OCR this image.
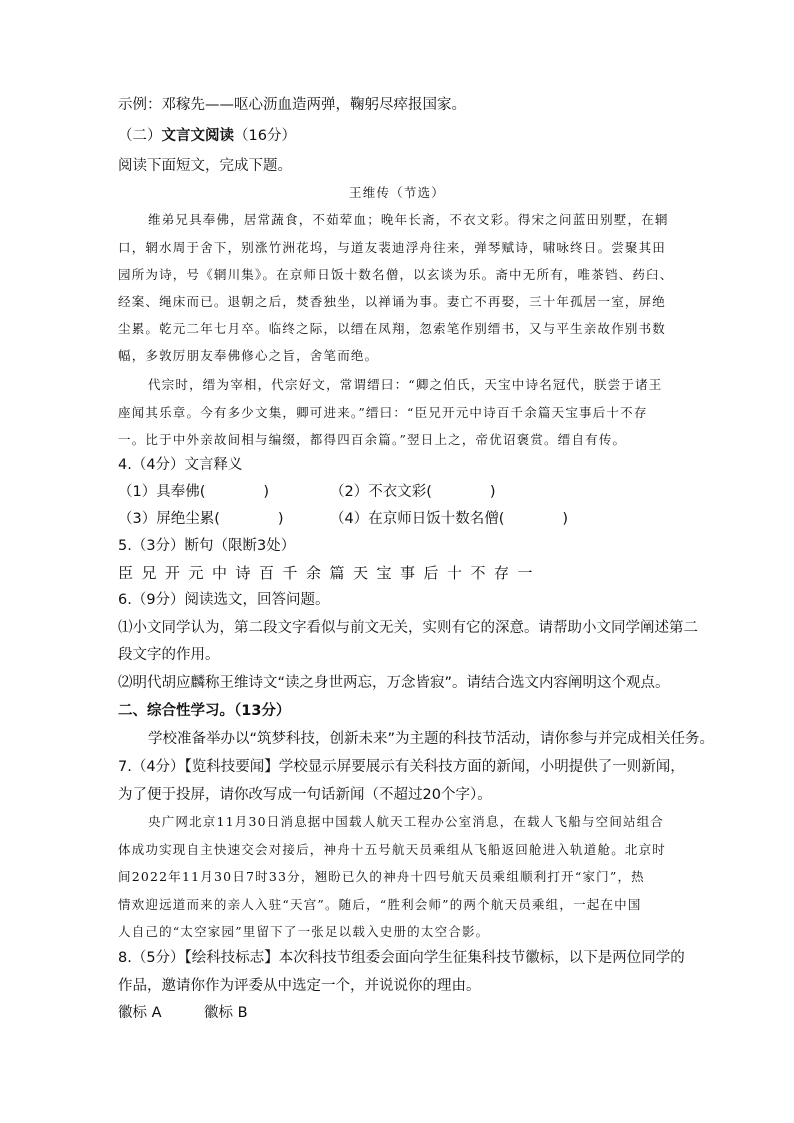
示例：邓稼先——呕心沥血造两弹，鞠躬尽瘁报国家。
（二）文言文阅读（16分）
阅读下面短文，完成下题。
王维传（节选）
维弟兄具奉佛，居常蔬食，不茹荤血；晚年长斋，不衣文彩。得宋之问蓝田别墅，在辋
口，辋水周于舍下，别涨竹洲花坞，与道友裴迪浮舟往来，弹琴赋诗，啸咏终日。尝聚其田
园所为诗，号《辋川集》。在京师日饭十数名僧，以玄谈为乐。斋中无所有，唯茶铛、药臼、
经案、绳床而已。退朝之后，焚香独坐，以禅诵为事。妻亡不再娶，三十年孤居一室，屏绝
尘累。乾元二年七月卒。临终之际，以缙在凤翔，忽索笔作别缙书，又与平生亲故作别书数
幅，多敦厉朋友奉佛修心之旨，舍笔而绝。
代宗时，缙为宰相，代宗好文，常谓缙曰：“卿之伯氏，天宝中诗名冠代，朕尝于诸王
座闻其乐章。今有多少文集，卿可进来。”缙曰：“臣兄开元中诗百千余篇天宝事后十不存
一。比于中外亲故间相与编缀，都得四百余篇。”翌日上之，帝优诏褒赏。缙自有传。
4.（4分）文言释义
（1）具奉佛(　　　　)	（2）不衣文彩(　　　　)
（3）屏绝尘累(　　　　)	（4）在京师日饭十数名僧(　　　　)
5.（3分）断句（限断3处）
臣兄开元中诗百千余篇天宝事后十不存一
6.（9分）阅读选文，回答问题。
⑴小文同学认为，第二段文字看似与前文无关，实则有它的深意。请帮助小文同学阐述第二
段文字的作用。
⑵明代胡应麟称王维诗文“读之身世两忘，万念皆寂”。请结合选文内容阐明这个观点。
二、综合性学习。（13分）
学校准备举办以“筑梦科技，创新未来”为主题的科技节活动，请你参与并完成相关任务。
7.（4分）【览科技要闻】学校显示屏要展示有关科技方面的新闻，小明提供了一则新闻，
为了便于投屏，请你改写成一句话新闻（不超过20个字）。
央广网北京11月30日消息据中国载人航天工程办公室消息，在载人飞船与空间站组合
体成功实现自主快速交会对接后，神舟十五号航天员乘组从飞船返回舱进入轨道舱。北京时
间2022年11月30日7时33分，翘盼已久的神舟十四号航天员乘组顺利打开“家门”，热
情欢迎远道而来的亲人入驻“天宫”。随后，“胜利会师”的两个航天员乘组，一起在中国
人自己的“太空家园”里留下了一张足以载入史册的太空合影。
8.（5分）【绘科技标志】本次科技节组委会面向学生征集科技节徽标，以下是两位同学的
作品，邀请你作为评委从中选定一个，并说说你的理由。
徽标 A	徽标 B
